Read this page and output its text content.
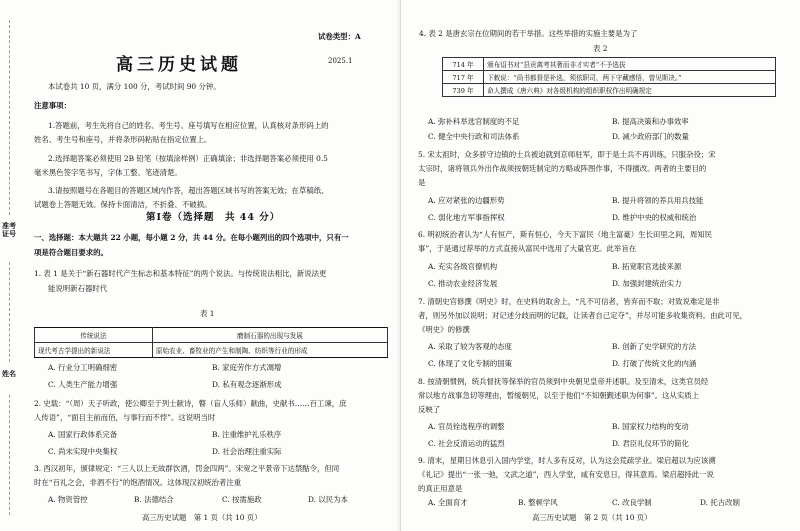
准考证号
姓名
试卷类型：A
高三历史试题	2025.1
本试卷共 10 页，满分 100 分，考试时间 90 分钟。
注意事项：
1.答题前，考生先将自己的姓名、考生号、座号填写在相应位置，认真核对条形码上的
姓名、考生号和座号，并将条形码粘贴在指定位置上。
2.选择题答案必须使用 2B 铅笔（按填涂样例）正确填涂；非选择题答案必须使用 0.5
毫米黑色签字笔书写，字体工整、笔迹清楚。
3.请按照题号在各题目的答题区域内作答，超出答题区域书写的答案无效；在草稿纸、
试题卷上答题无效。保持卡面清洁，不折叠、不破损。
第Ⅰ卷（选择题　共 44 分）
一、选择题：本大题共 22 小题，每小题 2 分，共 44 分。在每小题列出的四个选项中，只有一
项是符合题目要求的。
1. 表 1 是关于“新石器时代产生标志和基本特征”的两个说法。与传统说法相比，新说法更
能说明新石器时代
表 1
传统说法	磨制石器的出现与发展
现代考古学提出的新说法	原始农业、畜牧业的产生和制陶、纺织等行业的形成
A. 行业分工明确细密	B. 家庭劳作方式凋增
C. 人类生产能力增强	D. 私有观念逐渐形成
2. 史载：“（周）天子听政，使公卿至于列士献诗，瞽（盲人乐师）献曲，史献书……百工谏，庶
人传语”，“面目主前而佰，与事行而不悖”。这说明当时
A. 国家行政体系完备	B. 注重维护礼乐秩序
C. 尚未实现中央集权	D. 社会治理注重实际
3. 西汉初年，颁律规定：“三人以上无故群饮酒，罚金四两”。宋宽之平景帝下达禁酤令，但同
时在“百礼之会，非酒不行”的饱酒情况。这体现汉初统治者注重
A. 物资管控	B. 法德结合	C. 按需施政	D. 以民为本
高三历史试题　第 1 页（共 10 页）
4. 表 2 是唐玄宗在位期间的若干举措。这些举措的实施主要是为了
表 2
714 年	颁布诏书对“县贡离考其奢而非才实者”不予选拔
717 年	下敕说：“尚书都督是补选，须依职司，两下守藏感悟，曾见斯决。”
739 年	命人撰成《唐六典》对各级机构的组织职权作出明确规定
A. 弥补科举选官制度的不足	B. 提高决策和办事效率
C. 健全中央行政和司法体系	D. 减少政府部门的数量
5. 宋太祖时，众多骄守边镇的士兵被迫就到京师驻军，即于是士兵不再训练，只服杂役；宋
太宗时，诸将领兵外出作战须按朝廷制定的方略或阵图作事，不得擅改。两者的主要目的
是
A. 应对紧张的边疆形势	B. 提升将领的养兵用兵技能
C. 弱化地方军事指挥权	D. 维护中央的权威和统治
6. 明初统治者认为“人有恒产，斯有恒心，今天下富民（地主富豪）生长田里之间，周知民
事”，于是通过荐举的方式直接从富民中选用了大量官吏。此举旨在
A. 充实各级官僚机构	B. 拓宽职官选拔来源
C. 推动农业经济发展	D. 加强封建统治实力
7. 清朝史官修撰《明史》时，在史料的取舍上，“凡不可信者，皆弃而不取；对致说难定是非
者，则另外加以说明；对记述分歧而明的记载，让读者自己定夺”，并尽可能多收集资料。由此可见，
《明史》的修撰
A. 采取了较为客观的态度	B. 创新了史学研究的方法
C. 体现了文化专制的国策	D. 打破了传统文化的内涵
8. 按清朝惯例，统兵督抚等保举的官员须到中央朝见皇帝并述职。及至清末，这类官员经
常以地方战事急切等理由，暂缓朝见，以至于他们“不知朝觐述职为何事”。这从实质上
反映了
A. 官员铨选程序的调整	B. 国家权力结构的变动
C. 社会反清运动的猛烈	D. 君臣礼仪环节的简化
9. 清末，星期日休息引入国内学堂，时人多有反对，认为这会荒疏学业。梁启超以为应该溯
《礼记》提出“一张一弛，文武之道”，西人学堂，咸有安息日，得其意焉。梁启超持此一说
的真正用意是
A. 全面育才	B. 整顿学风	C. 改良学制	D. 托古改制
高三历史试题　第 2 页（共 10 页）
